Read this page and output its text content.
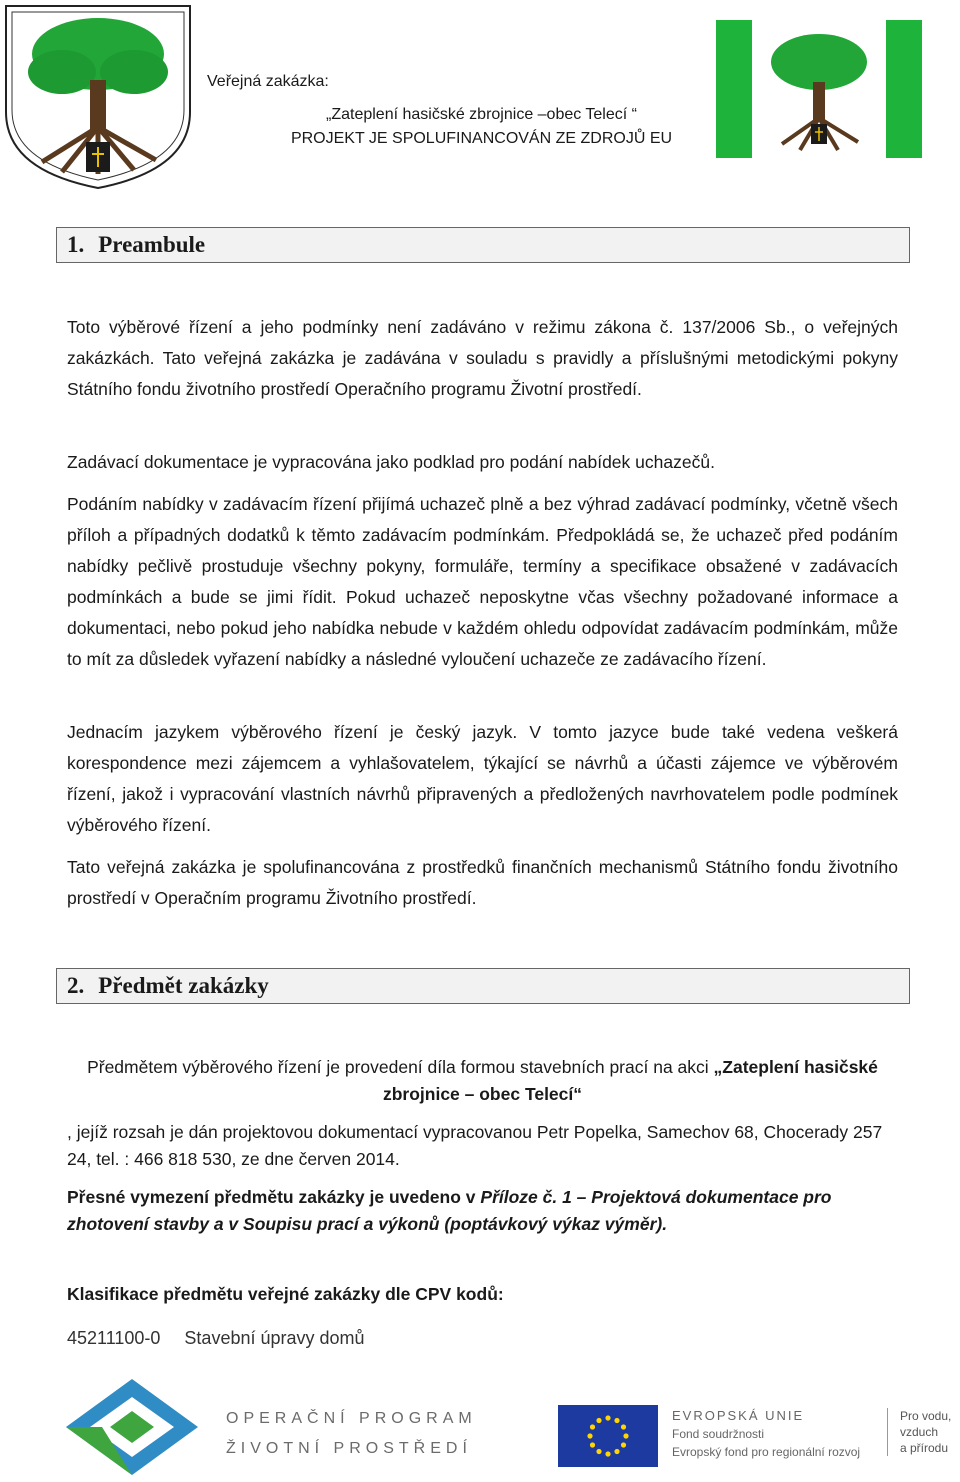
Veřejná zakázka:
„Zateplení hasičské zbrojnice –obec Telecí “
PROJEKT JE SPOLUFINANCOVÁN ZE ZDROJŮ EU
1. Preambule
Toto výběrové řízení a jeho podmínky není zadáváno v režimu zákona č. 137/2006 Sb., o veřejných zakázkách. Tato veřejná zakázka je zadávána v souladu s pravidly a příslušnými metodickými pokyny Státního fondu životního prostředí Operačního programu Životní prostředí.
Zadávací dokumentace je vypracována jako podklad pro podání nabídek uchazečů.
Podáním nabídky v zadávacím řízení přijímá uchazeč plně a bez výhrad zadávací podmínky, včetně všech příloh a případných dodatků k těmto zadávacím podmínkám. Předpokládá se, že uchazeč před podáním nabídky pečlivě prostuduje všechny pokyny, formuláře, termíny a specifikace obsažené v zadávacích podmínkách a bude se jimi řídit. Pokud uchazeč neposkytne včas všechny požadované informace a dokumentaci, nebo pokud jeho nabídka nebude v každém ohledu odpovídat zadávacím podmínkám, může to mít za důsledek vyřazení nabídky a následné vyloučení uchazeče ze zadávacího řízení.
Jednacím jazykem výběrového řízení je český jazyk. V tomto jazyce bude také vedena veškerá korespondence mezi zájemcem a vyhlašovatelem, týkající se návrhů a účasti zájemce ve výběrovém řízení, jakož i vypracování vlastních návrhů připravených a předložených navrhovatelem podle podmínek výběrového řízení.
Tato veřejná zakázka je spolufinancována z prostředků finančních mechanismů Státního fondu životního prostředí v Operačním programu Životního prostředí.
2. Předmět zakázky
Předmětem výběrového řízení je provedení díla formou stavebních prací na akci „Zateplení hasičské zbrojnice – obec Telecí“
, jejíž rozsah je dán projektovou dokumentací vypracovanou Petr Popelka, Samechov 68, Chocerady 257 24, tel. : 466 818 530, ze dne červen 2014.
Přesné vymezení předmětu zakázky je uvedeno v Příloze č. 1 – Projektová dokumentace pro zhotovení stavby a v Soupisu prací a výkonů (poptávkový výkaz výměr).
Klasifikace předmětu veřejné zakázky dle CPV kodů:
45211100-0 Stavební úpravy domů
OPERAČNÍ PROGRAM
ŽIVOTNÍ PROSTŘEDÍ
EVROPSKÁ UNIE
Fond soudržnosti
Evropský fond pro regionální rozvoj
Pro vodu,
vzduch
a přírodu
